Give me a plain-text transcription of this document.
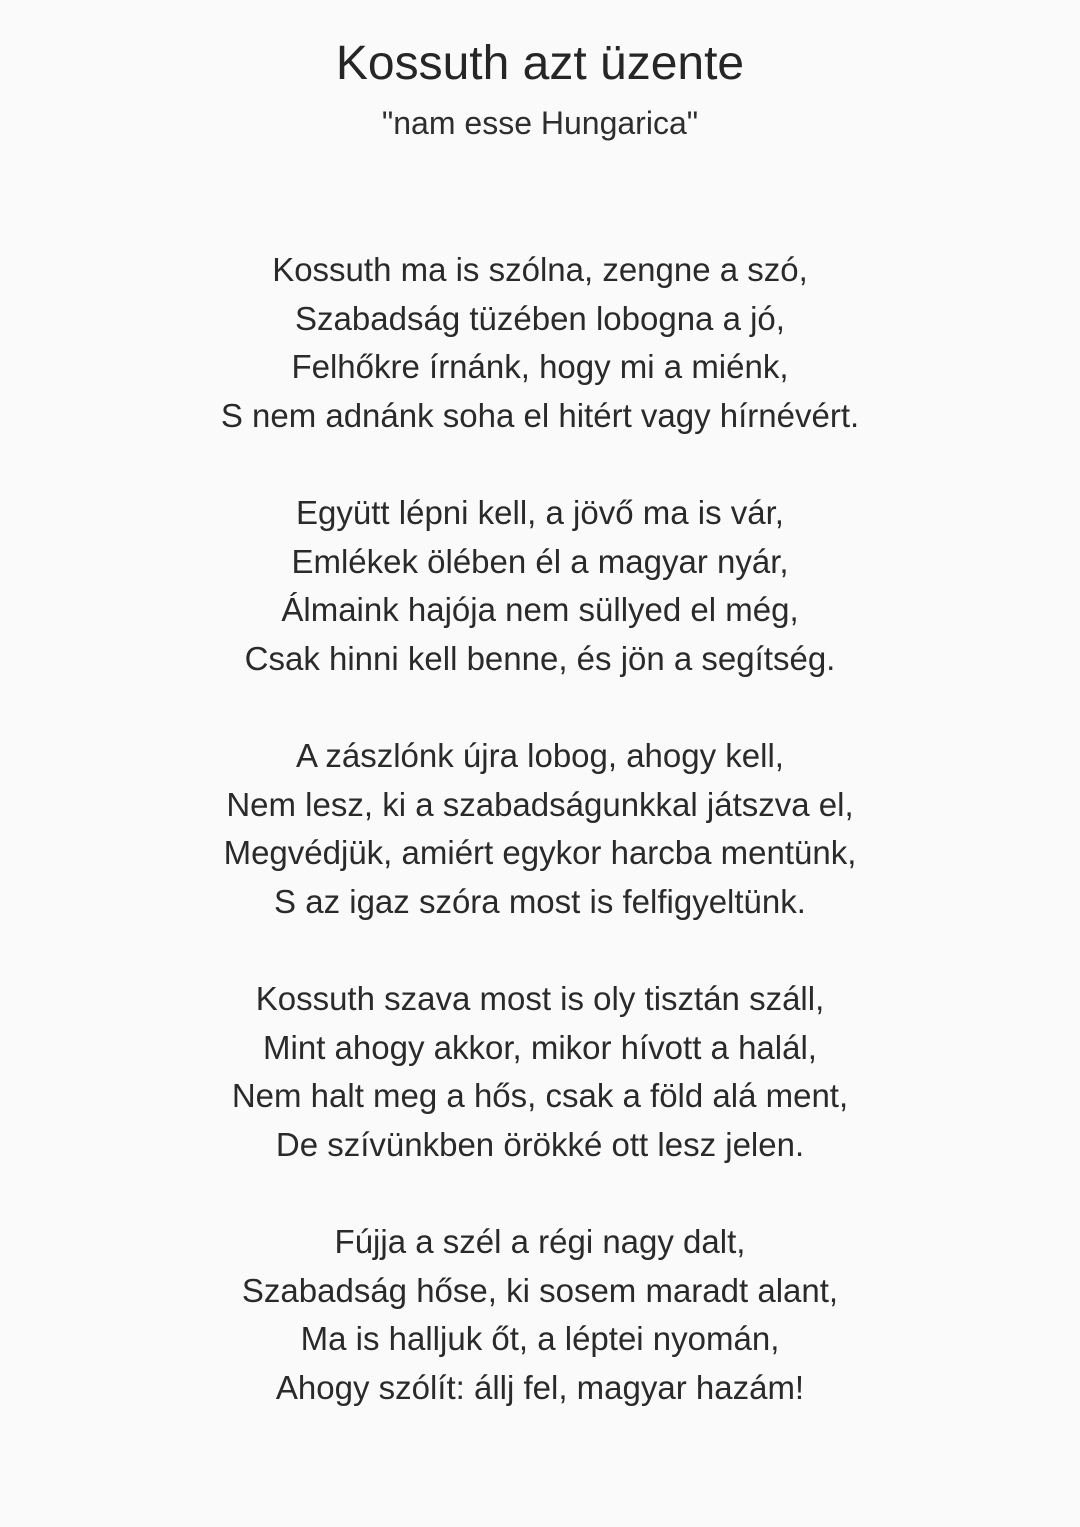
Kossuth azt üzente

"nam esse Hungarica"

Kossuth ma is szólna, zengne a szó,
Szabadság tüzében lobogna a jó,
Felhőkre írnánk, hogy mi a miénk,
S nem adnánk soha el hitért vagy hírnévért.
Együtt lépni kell, a jövő ma is vár,
Emlékek ölében él a magyar nyár,
Álmaink hajója nem süllyed el még,
Csak hinni kell benne, és jön a segítség.
A zászlónk újra lobog, ahogy kell,
Nem lesz, ki a szabadságunkkal játszva el,
Megvédjük, amiért egykor harcba mentünk,
S az igaz szóra most is felfigyeltünk.
Kossuth szava most is oly tisztán száll,
Mint ahogy akkor, mikor hívott a halál,
Nem halt meg a hős, csak a föld alá ment,
De szívünkben örökké ott lesz jelen.
Fújja a szél a régi nagy dalt,
Szabadság hőse, ki sosem maradt alant,
Ma is halljuk őt, a léptei nyomán,
Ahogy szólít: állj fel, magyar hazám!
